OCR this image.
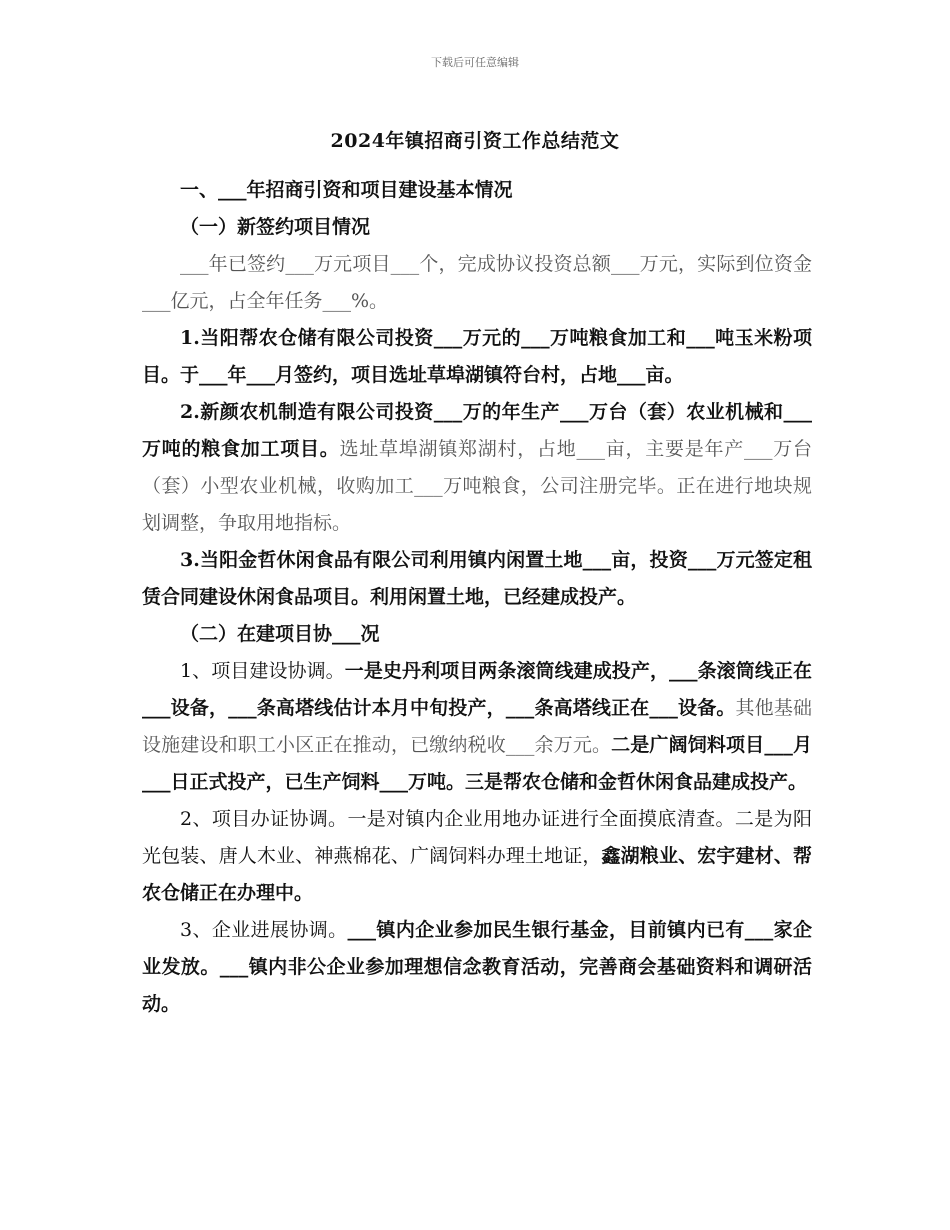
下载后可任意编辑
2024年镇招商引资工作总结范文

一、___年招商引资和项目建设基本情况

（一）新签约项目情况

___年已签约___万元项目___个，完成协议投资总额___万元，实际到位资金___亿元，占全年任务___%。

1.当阳帮农仓储有限公司投资___万元的___万吨粮食加工和___吨玉米粉项目。于___年___月签约，项目选址草埠湖镇符台村，占地___亩。

2.新颜农机制造有限公司投资___万的年生产___万台（套）农业机械和___万吨的粮食加工项目。选址草埠湖镇郑湖村，占地___亩，主要是年产___万台（套）小型农业机械，收购加工___万吨粮食，公司注册完毕。正在进行地块规划调整，争取用地指标。

3.当阳金哲休闲食品有限公司利用镇内闲置土地___亩，投资___万元签定租赁合同建设休闲食品项目。利用闲置土地，已经建成投产。

（二）在建项目协___况

1、项目建设协调。一是史丹利项目两条滚筒线建成投产，___条滚筒线正在___设备，___条高塔线估计本月中旬投产，___条高塔线正在___设备。其他基础设施建设和职工小区正在推动，已缴纳税收___余万元。二是广阔饲料项目___月___日正式投产，已生产饲料___万吨。三是帮农仓储和金哲休闲食品建成投产。

2、项目办证协调。一是对镇内企业用地办证进行全面摸底清查。二是为阳光包装、唐人木业、神燕棉花、广阔饲料办理土地证，鑫湖粮业、宏宇建材、帮农仓储正在办理中。

3、企业进展协调。___镇内企业参加民生银行基金，目前镇内已有___家企业发放。___镇内非公企业参加理想信念教育活动，完善商会基础资料和调研活动。
